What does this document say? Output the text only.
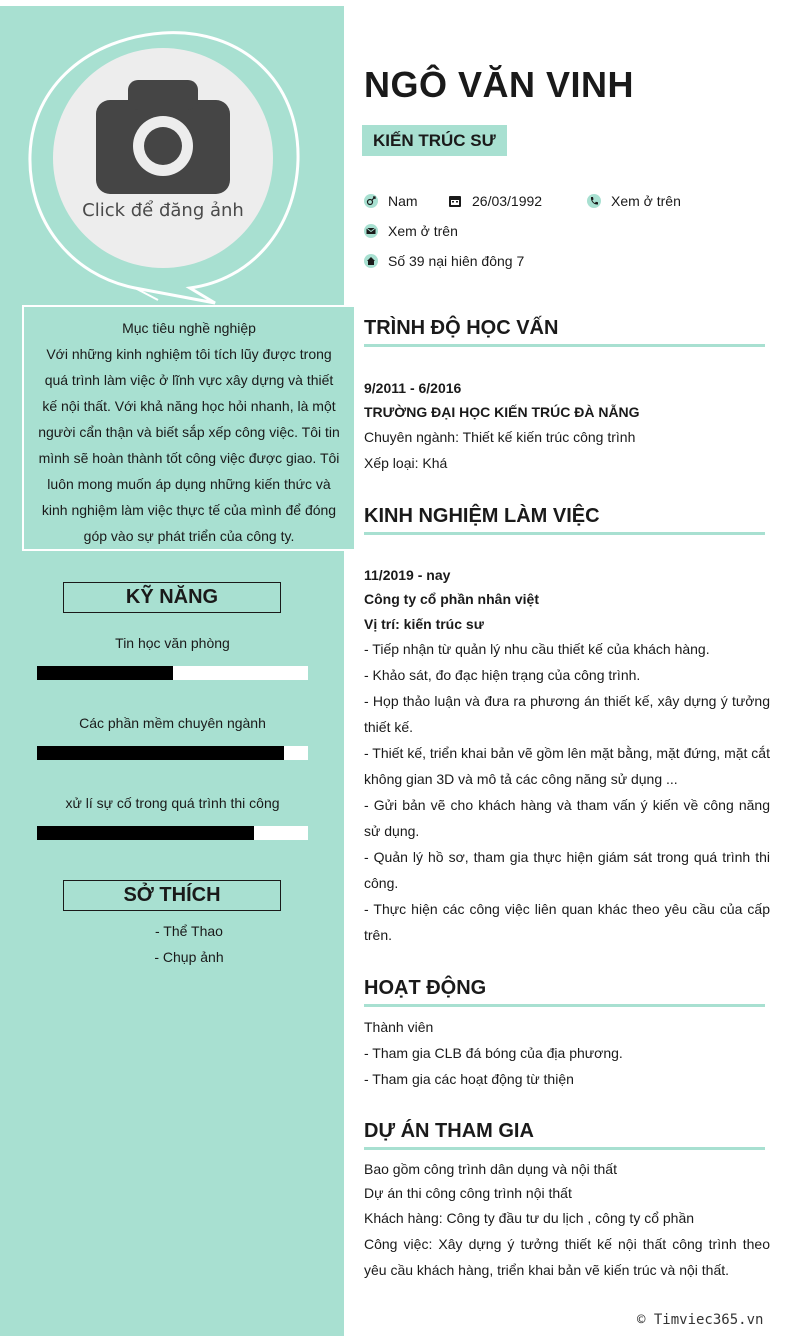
Click để đăng ảnh
Mục tiêu nghề nghiệp
Với những kinh nghiệm tôi tích lũy được trong quá trình làm việc ở lĩnh vực xây dựng và thiết kế nội thất. Với khả năng học hỏi nhanh, là một người cẩn thận và biết sắp xếp công việc. Tôi tin mình sẽ hoàn thành tốt công việc được giao. Tôi luôn mong muốn áp dụng những kiến thức và kinh nghiệm làm việc thực tế của mình để đóng góp vào sự phát triển của công ty.
KỸ NĂNG
Tin học văn phòng
Các phần mềm chuyên ngành
xử lí sự cố trong quá trình thi công
SỞ THÍCH
- Thể Thao
- Chụp ảnh
NGÔ VĂN VINH
KIẾN TRÚC SƯ
Nam	26/03/1992	Xem ở trên
Xem ở trên
Số 39 nại hiên đông 7
TRÌNH ĐỘ HỌC VẤN
9/2011 - 6/2016
TRƯỜNG ĐẠI HỌC KIẾN TRÚC ĐÀ NẴNG
Chuyên ngành: Thiết kế kiến trúc công trình
Xếp loại: Khá
KINH NGHIỆM LÀM VIỆC
11/2019 - nay
Công ty cổ phần nhân việt
Vị trí: kiến trúc sư
- Tiếp nhận từ quản lý nhu cầu thiết kế của khách hàng.
- Khảo sát, đo đạc hiện trạng của công trình.
- Họp thảo luận và đưa ra phương án thiết kế, xây dựng ý tưởng thiết kế.
- Thiết kế, triển khai bản vẽ gồm lên mặt bằng, mặt đứng, mặt cắt không gian 3D và mô tả các công năng sử dụng ...
- Gửi bản vẽ cho khách hàng và tham vấn ý kiến về công năng sử dụng.
- Quản lý hồ sơ, tham gia thực hiện giám sát trong quá trình thi công.
- Thực hiện các công việc liên quan khác theo yêu cầu của cấp trên.
HOẠT ĐỘNG
Thành viên
- Tham gia CLB đá bóng của địa phương.
- Tham gia các hoạt động từ thiện
DỰ ÁN THAM GIA
Bao gồm công trình dân dụng và nội thất
Dự án thi công công trình nội thất
Khách hàng: Công ty đầu tư du lịch , công ty cổ phần
Công việc: Xây dựng ý tưởng thiết kế nội thất công trình theo yêu cầu khách hàng, triển khai bản vẽ kiến trúc và nội thất.
© Timviec365.vn
